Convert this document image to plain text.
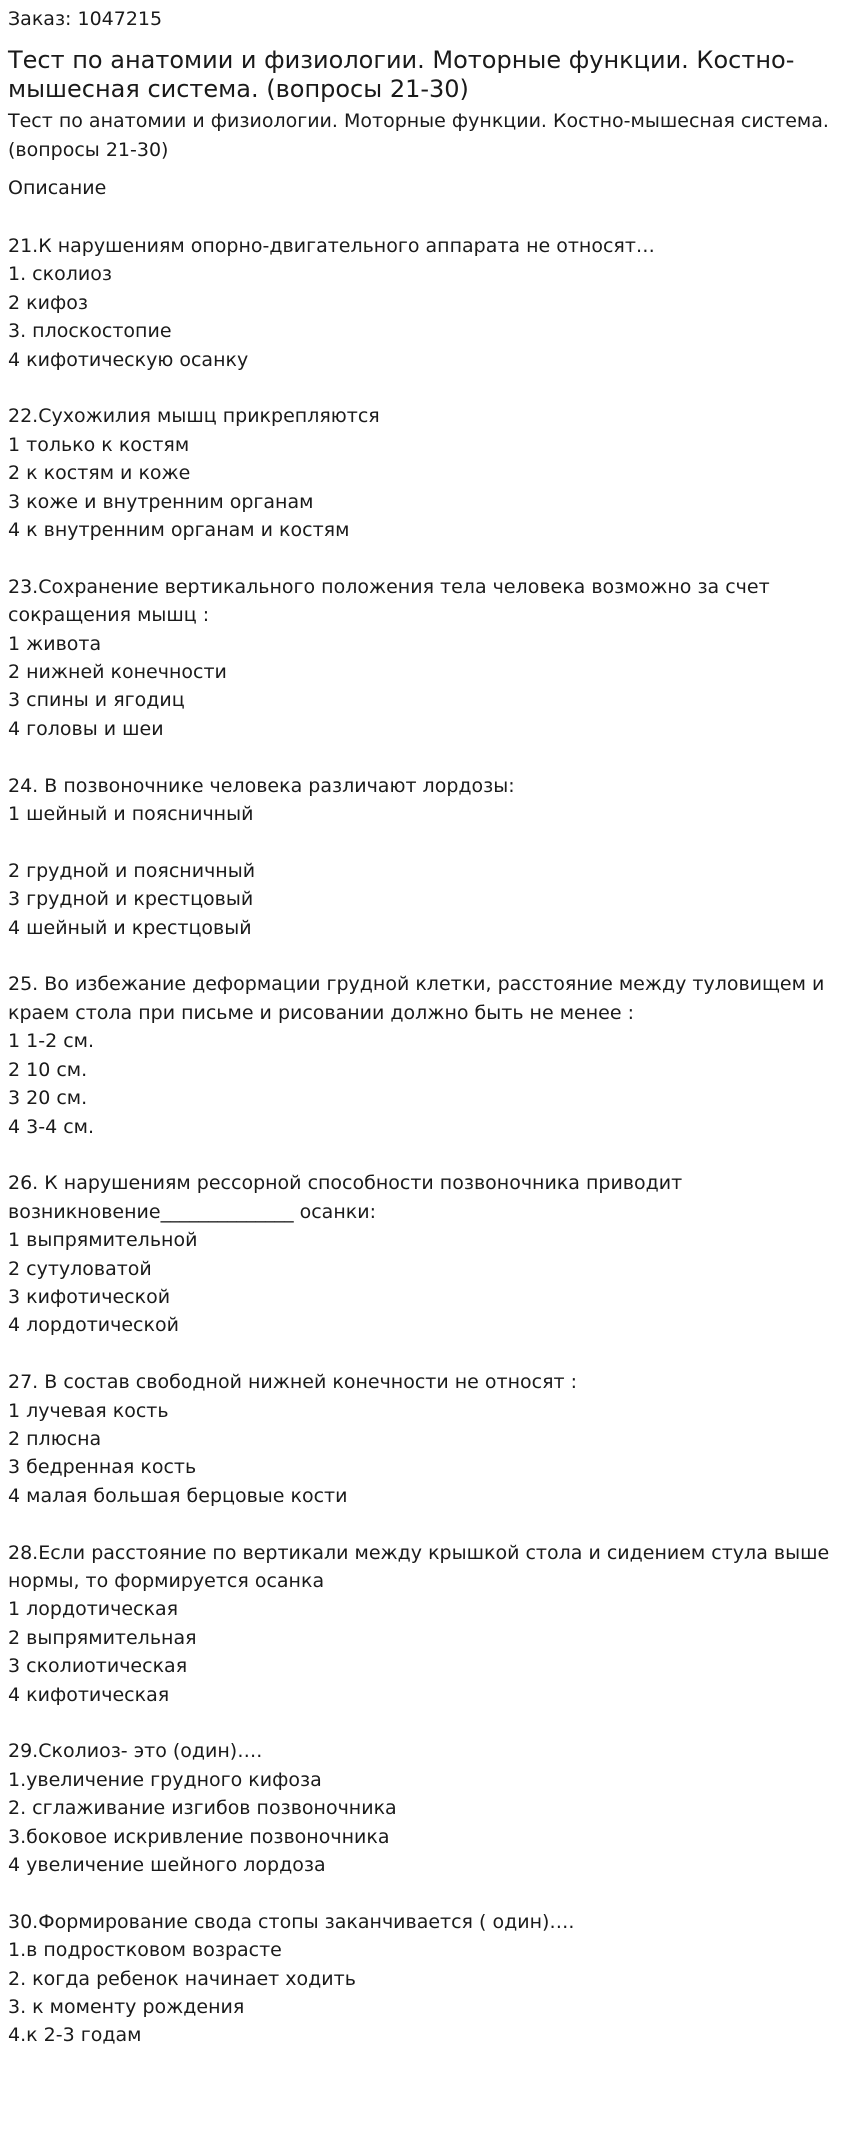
Заказ: 1047215
Тест по анатомии и физиологии. Моторные функции. Костно-мышесная система. (вопросы 21-30)
Тест по анатомии и физиологии. Моторные функции. Костно-мышесная система. (вопросы 21-30)
Описание
21.К нарушениям опорно-двигательного аппарата не относят…
1. сколиоз
2 кифоз
3. плоскостопие
4 кифотическую осанку
22.Сухожилия мышц прикрепляются
1 только к костям
2 к костям и коже
3 коже и внутренним органам
4 к внутренним органам и костям
23.Сохранение вертикального положения тела человека возможно за счет
сокращения мышц :
1 живота
2 нижней конечности
3 спины и ягодиц
4 головы и шеи
24. В позвоночнике человека различают лордозы:
1 шейный и поясничный
2 грудной и поясничный
3 грудной и крестцовый
4 шейный и крестцовый
25. Во избежание деформации грудной клетки, расстояние между туловищем и
краем стола при письме и рисовании должно быть не менее :
1 1-2 см.
2 10 см.
3 20 см.
4 3-4 см.
26. К нарушениям рессорной способности позвоночника приводит
возникновение______________ осанки:
1 выпрямительной
2 сутуловатой
3 кифотической
4 лордотической
27. В состав свободной нижней конечности не относят :
1 лучевая кость
2 плюсна
3 бедренная кость
4 малая большая берцовые кости
28.Если расстояние по вертикали между крышкой стола и сидением стула выше
нормы, то формируется осанка
1 лордотическая
2 выпрямительная
3 сколиотическая
4 кифотическая
29.Сколиоз- это (один)….
1.увеличение грудного кифоза
2. сглаживание изгибов позвоночника
3.боковое искривление позвоночника
4 увеличение шейного лордоза
30.Формирование свода стопы заканчивается ( один)….
1.в подростковом возрасте
2. когда ребенок начинает ходить
3. к моменту рождения
4.к 2-3 годам
